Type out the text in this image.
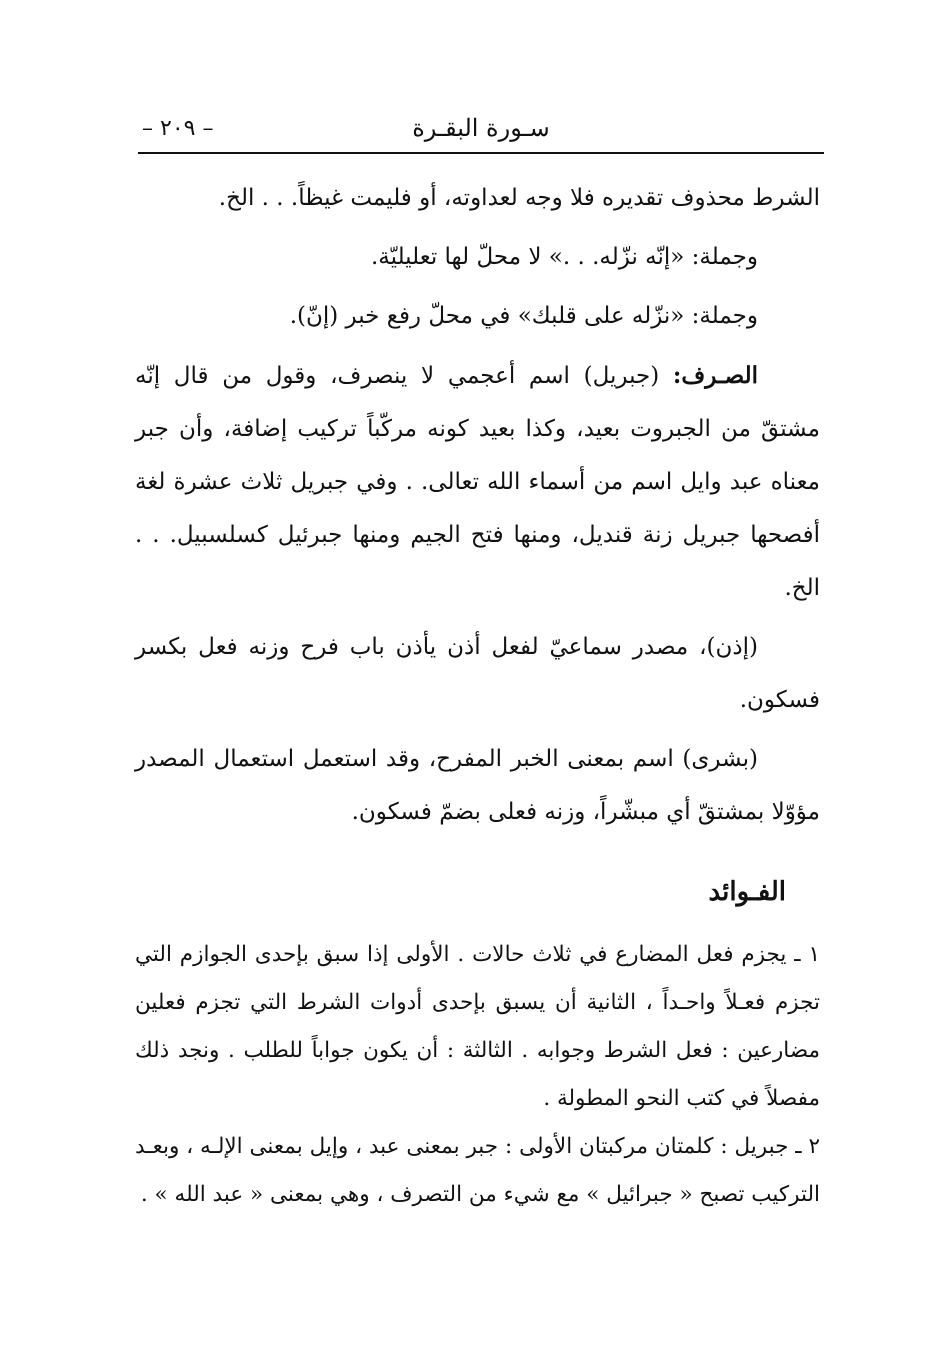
– ٢٠٩ –	سـورة البقـرة

الشرط محذوف تقديره فلا وجه لعداوته، أو فليمت غيظاً. . . الخ.

وجملة: «إنّه نزّله. . .» لا محلّ لها تعليليّة.

وجملة: «نزّله على قلبك» في محلّ رفع خبر (إنّ).

الصـرف: (جبريل) اسم أعجمي لا ينصرف، وقول من قال إنّه مشتقّ من الجبروت بعيد، وكذا بعيد كونه مركّباً تركيب إضافة، وأن جبر معناه عبد وايل اسم من أسماء الله تعالى. . وفي جبريل ثلاث عشرة لغة أفصحها جبريل زنة قنديل، ومنها فتح الجيم ومنها جبرئيل كسلسبيل. . . الخ.

(إذن)، مصدر سماعيّ لفعل أذن يأذن باب فرح وزنه فعل بكسر فسكون.

(بشرى) اسم بمعنى الخبر المفرح، وقد استعمل استعمال المصدر مؤوّلا بمشتقّ أي مبشّراً، وزنه فعلى بضمّ فسكون.

الفـوائد

١ ـ يجزم فعل المضارع في ثلاث حالات . الأولى إذا سبق بإحدى الجوازم التي تجزم فعـلاً واحـداً ، الثانية أن يسبق بإحدى أدوات الشرط التي تجزم فعلين مضارعين : فعل الشرط وجوابه . الثالثة : أن يكون جواباً للطلب . ونجد ذلك مفصلاً في كتب النحو المطولة .

٢ ـ جبريل : كلمتان مركبتان الأولى : جبر بمعنى عبد ، وإيل بمعنى الإلـه ، وبعـد التركيب تصبح « جبرائيل » مع شيء من التصرف ، وهي بمعنى « عبد الله » .
